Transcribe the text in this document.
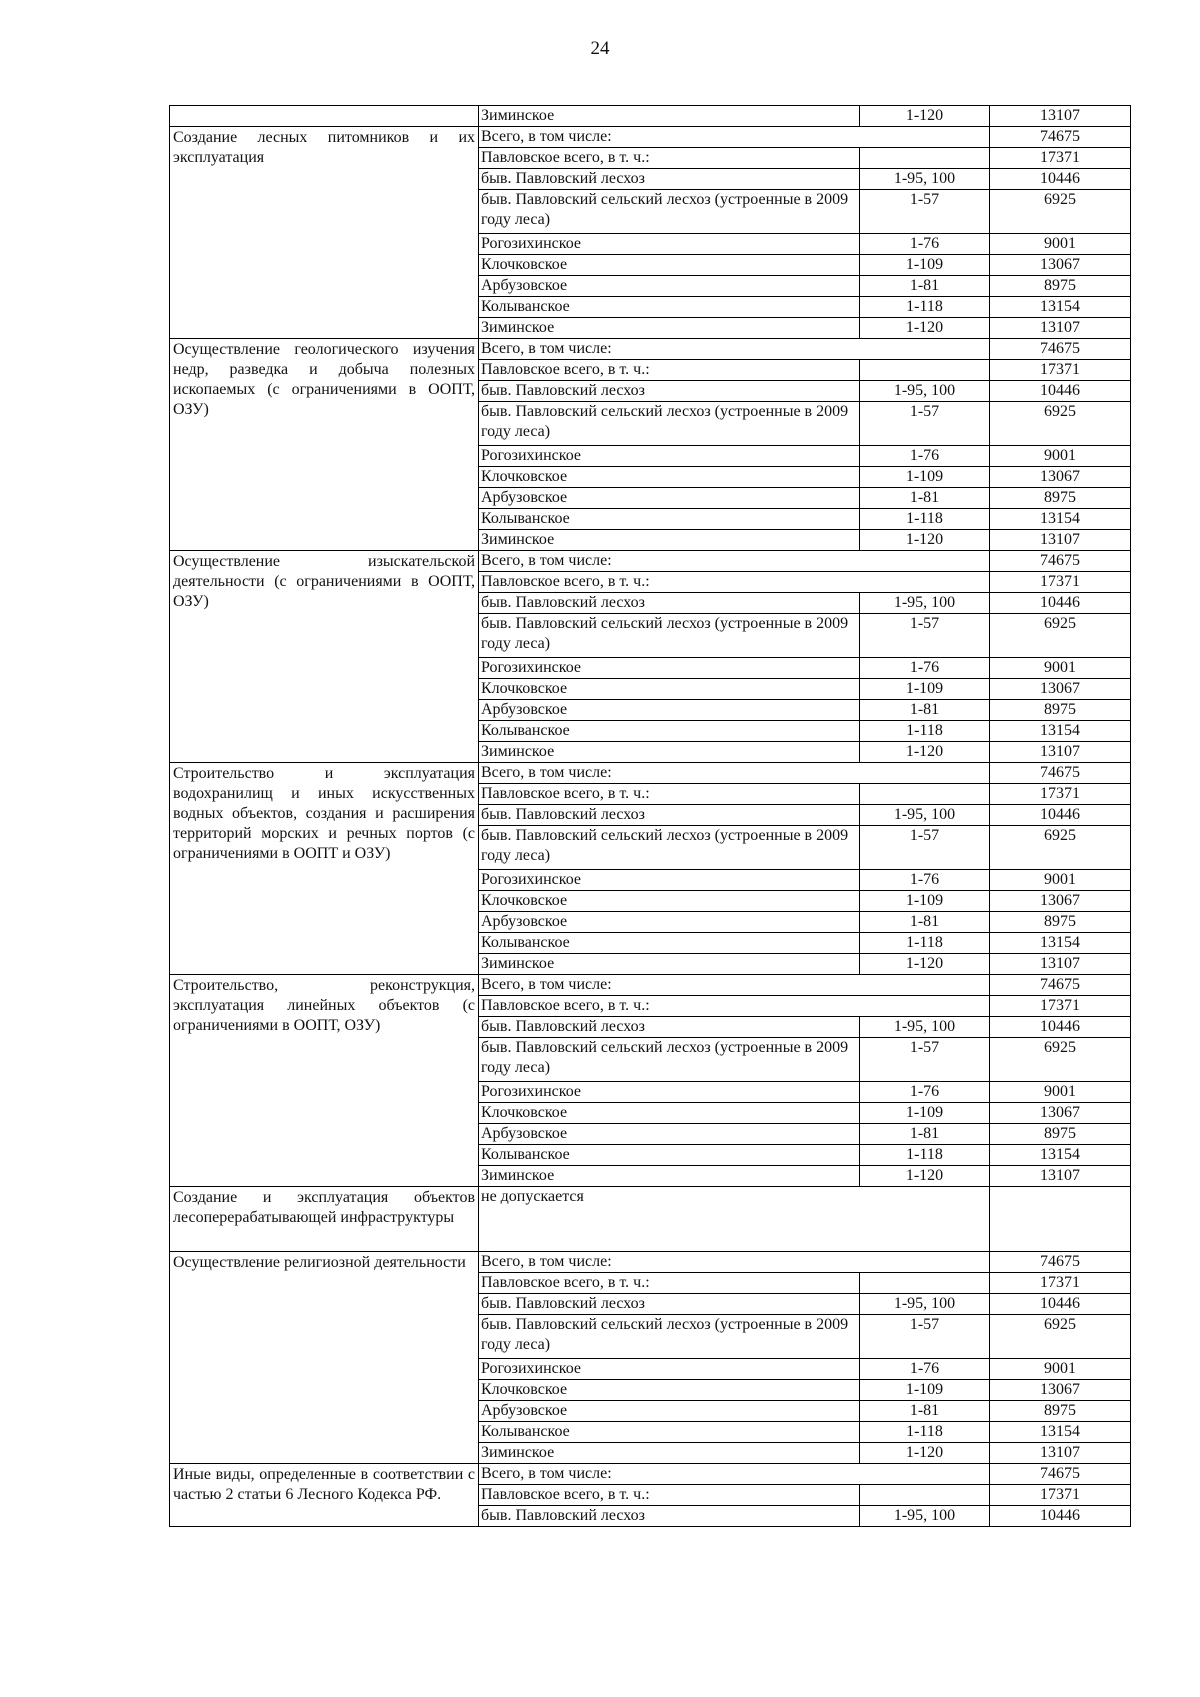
24
	Зиминское	1-120	13107
Создание лесных питомников и их эксплуатация	Всего, в том числе:		74675
	Павловское всего, в т. ч.:		17371
	быв. Павловский лесхоз	1-95, 100	10446
	быв. Павловский сельский лесхоз (устроенные в 2009 году леса)	1-57	6925
	Рогозихинское	1-76	9001
	Клочковское	1-109	13067
	Арбузовское	1-81	8975
	Колыванское	1-118	13154
	Зиминское	1-120	13107
Осуществление геологического изучения недр, разведка и добыча полезных ископаемых (с ограничениями в ООПТ, ОЗУ)	Всего, в том числе:		74675
	Павловское всего, в т. ч.:		17371
	быв. Павловский лесхоз	1-95, 100	10446
	быв. Павловский сельский лесхоз (устроенные в 2009 году леса)	1-57	6925
	Рогозихинское	1-76	9001
	Клочковское	1-109	13067
	Арбузовское	1-81	8975
	Колыванское	1-118	13154
	Зиминское	1-120	13107
Осуществление изыскательской деятельности (с ограничениями в ООПТ, ОЗУ)	Всего, в том числе:		74675
	Павловское всего, в т. ч.:		17371
	быв. Павловский лесхоз	1-95, 100	10446
	быв. Павловский сельский лесхоз (устроенные в 2009 году леса)	1-57	6925
	Рогозихинское	1-76	9001
	Клочковское	1-109	13067
	Арбузовское	1-81	8975
	Колыванское	1-118	13154
	Зиминское	1-120	13107
Строительство и эксплуатация водохранилищ и иных искусственных водных объектов, создания и расширения территорий морских и речных портов (с ограничениями в ООПТ и ОЗУ)	Всего, в том числе:		74675
	Павловское всего, в т. ч.:		17371
	быв. Павловский лесхоз	1-95, 100	10446
	быв. Павловский сельский лесхоз (устроенные в 2009 году леса)	1-57	6925
	Рогозихинское	1-76	9001
	Клочковское	1-109	13067
	Арбузовское	1-81	8975
	Колыванское	1-118	13154
	Зиминское	1-120	13107
Строительство, реконструкция, эксплуатация линейных объектов (с ограничениями в ООПТ, ОЗУ)	Всего, в том числе:		74675
	Павловское всего, в т. ч.:		17371
	быв. Павловский лесхоз	1-95, 100	10446
	быв. Павловский сельский лесхоз (устроенные в 2009 году леса)	1-57	6925
	Рогозихинское	1-76	9001
	Клочковское	1-109	13067
	Арбузовское	1-81	8975
	Колыванское	1-118	13154
	Зиминское	1-120	13107
Создание и эксплуатация объектов лесоперерабатывающей инфраструктуры	не допускается		
Осуществление религиозной деятельности	Всего, в том числе:		74675
	Павловское всего, в т. ч.:		17371
	быв. Павловский лесхоз	1-95, 100	10446
	быв. Павловский сельский лесхоз (устроенные в 2009 году леса)	1-57	6925
	Рогозихинское	1-76	9001
	Клочковское	1-109	13067
	Арбузовское	1-81	8975
	Колыванское	1-118	13154
	Зиминское	1-120	13107
Иные виды, определенные в соответствии с частью 2 статьи 6 Лесного Кодекса РФ.	Всего, в том числе:		74675
	Павловское всего, в т. ч.:		17371
	быв. Павловский лесхоз	1-95, 100	10446
